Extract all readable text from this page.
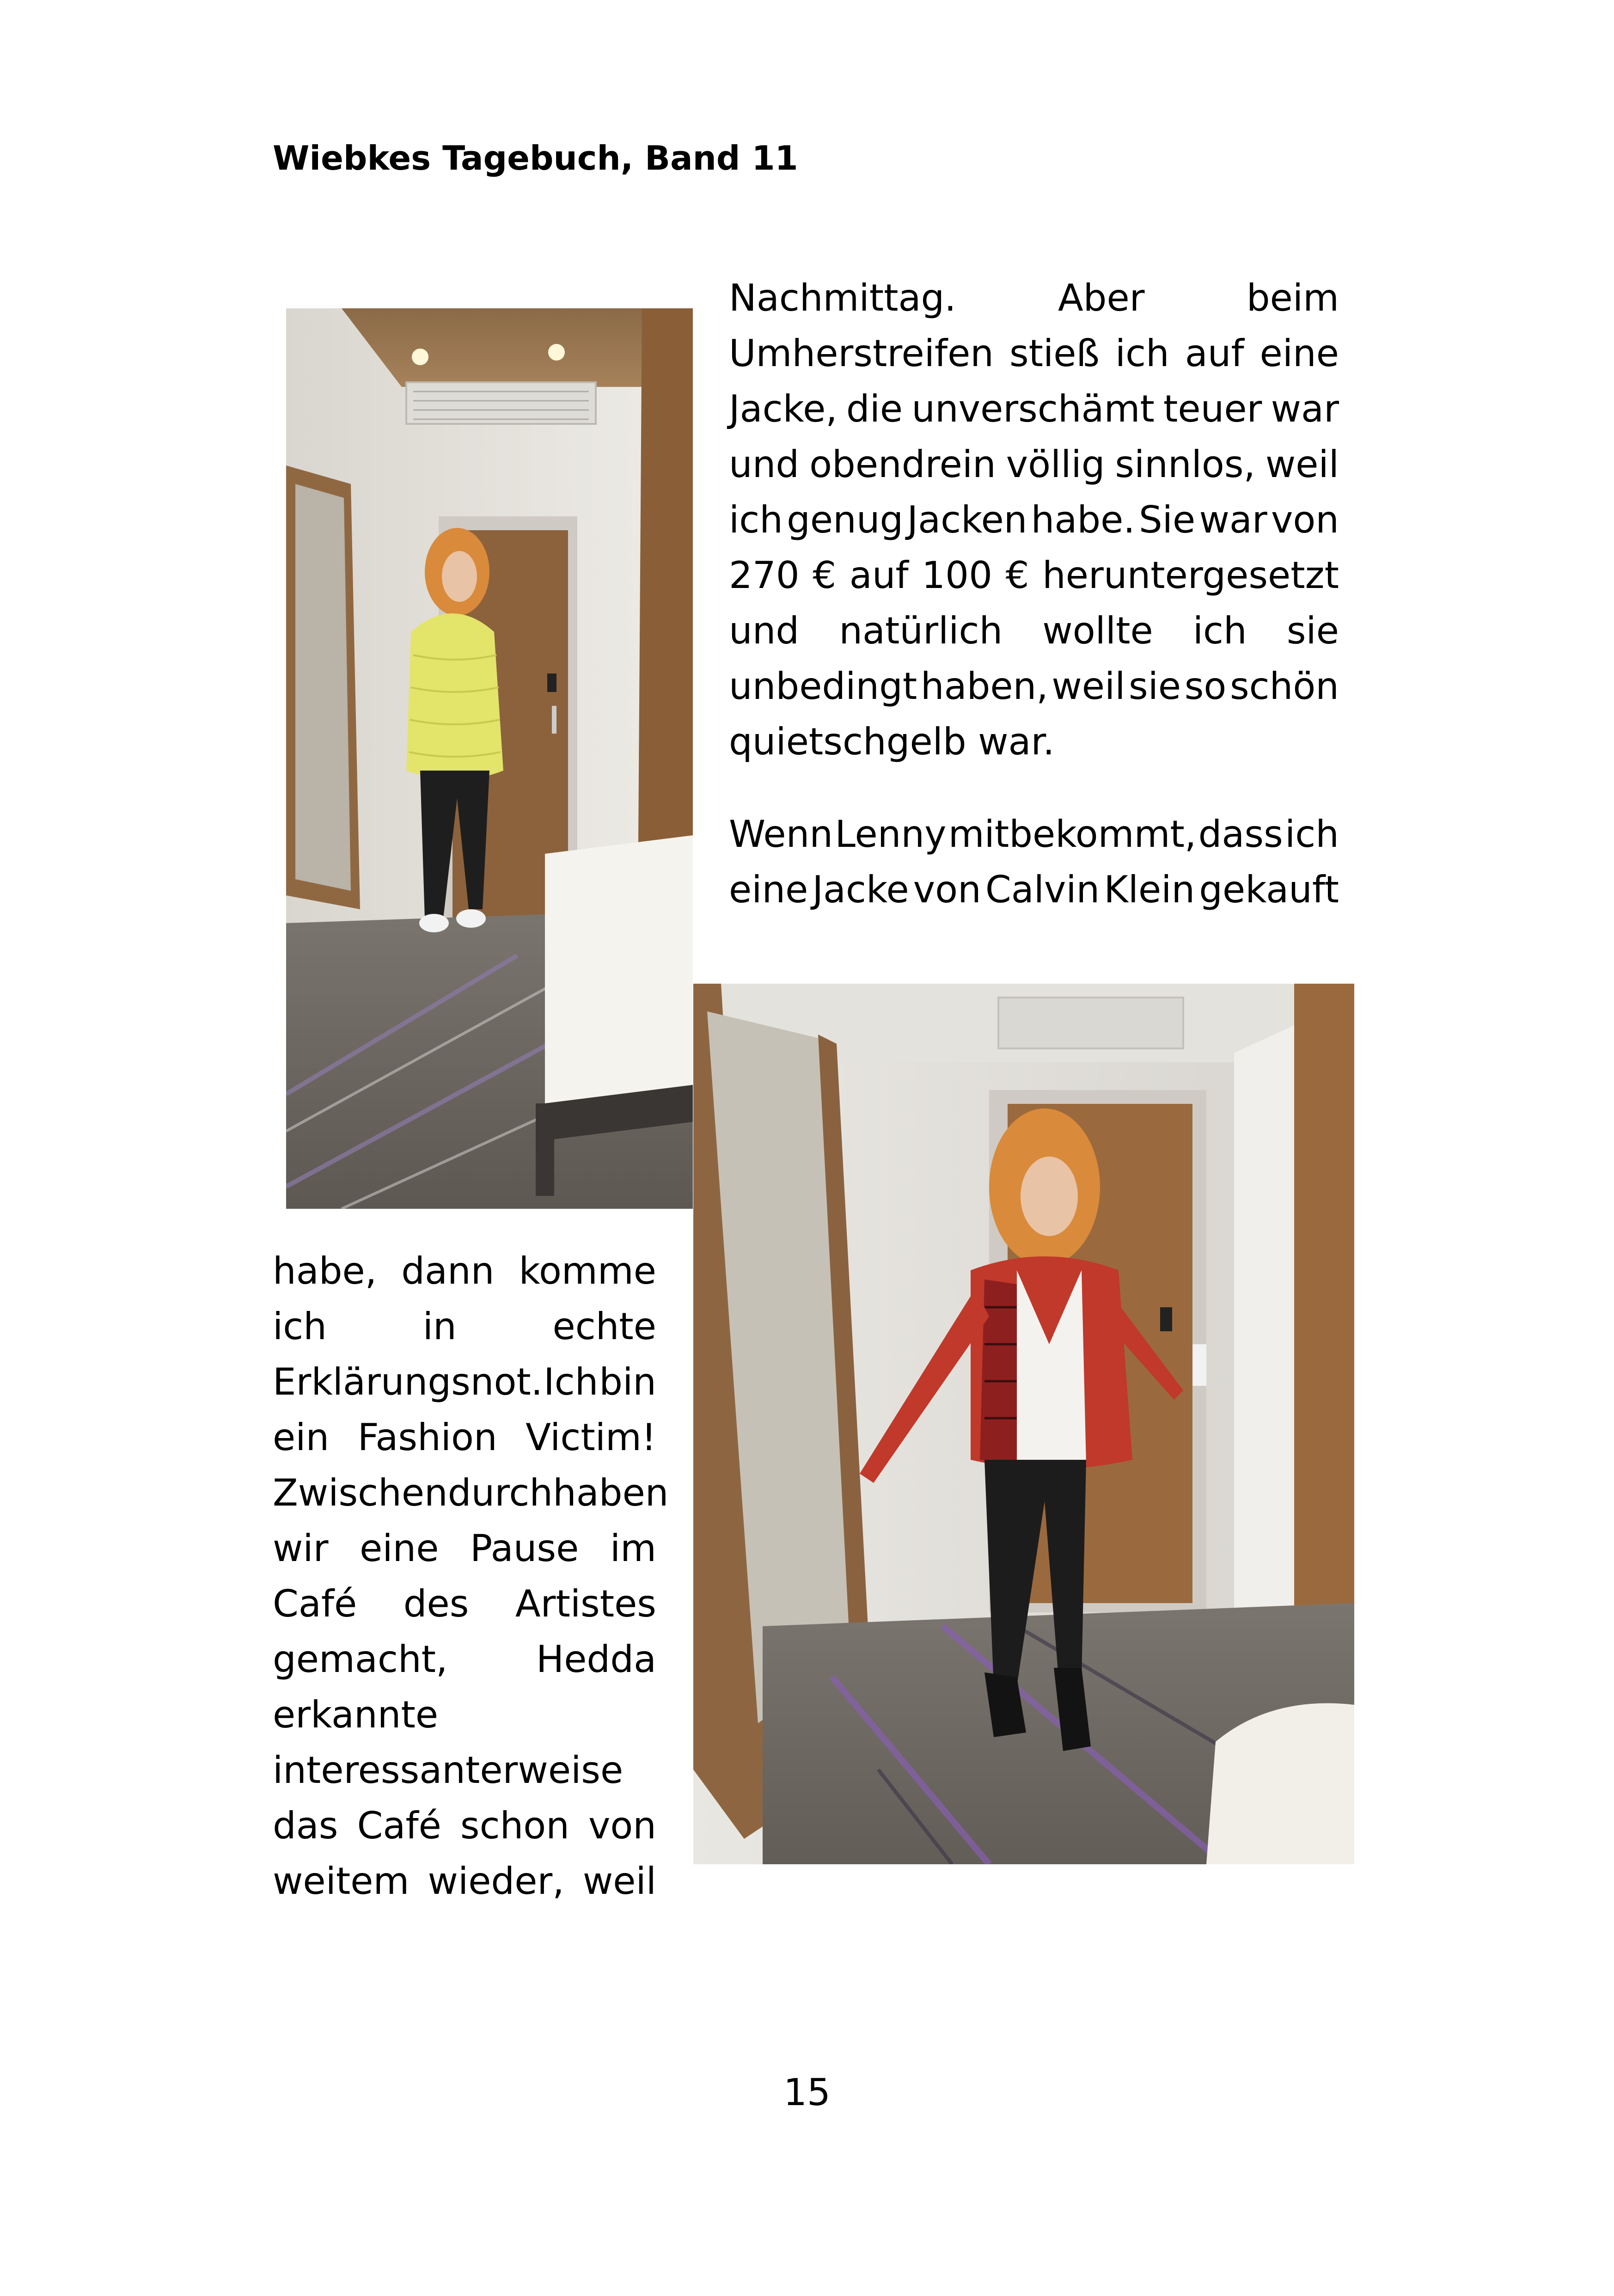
Wiebkes Tagebuch, Band 11
Nachmittag.	Aber	beim
Umherstreifen stieß ich auf eine
Jacke, die unverschämt teuer war
und obendrein völlig sinnlos, weil
ich genug Jacken habe. Sie war von
270 € auf 100 € heruntergesetzt
und natürlich wollte ich sie
unbedingt haben, weil sie so schön
quietschgelb war.
Wenn Lenny mitbekommt, dass ich
eine Jacke von Calvin Klein gekauft
habe, dann komme
ich	in	echte
Erklärungsnot. Ich bin
ein Fashion Victim!
Zwischendurch haben
wir eine Pause im
Café des Artistes
gemacht, Hedda
erkannte
interessanterweise
das Café schon von
weitem wieder, weil
15
